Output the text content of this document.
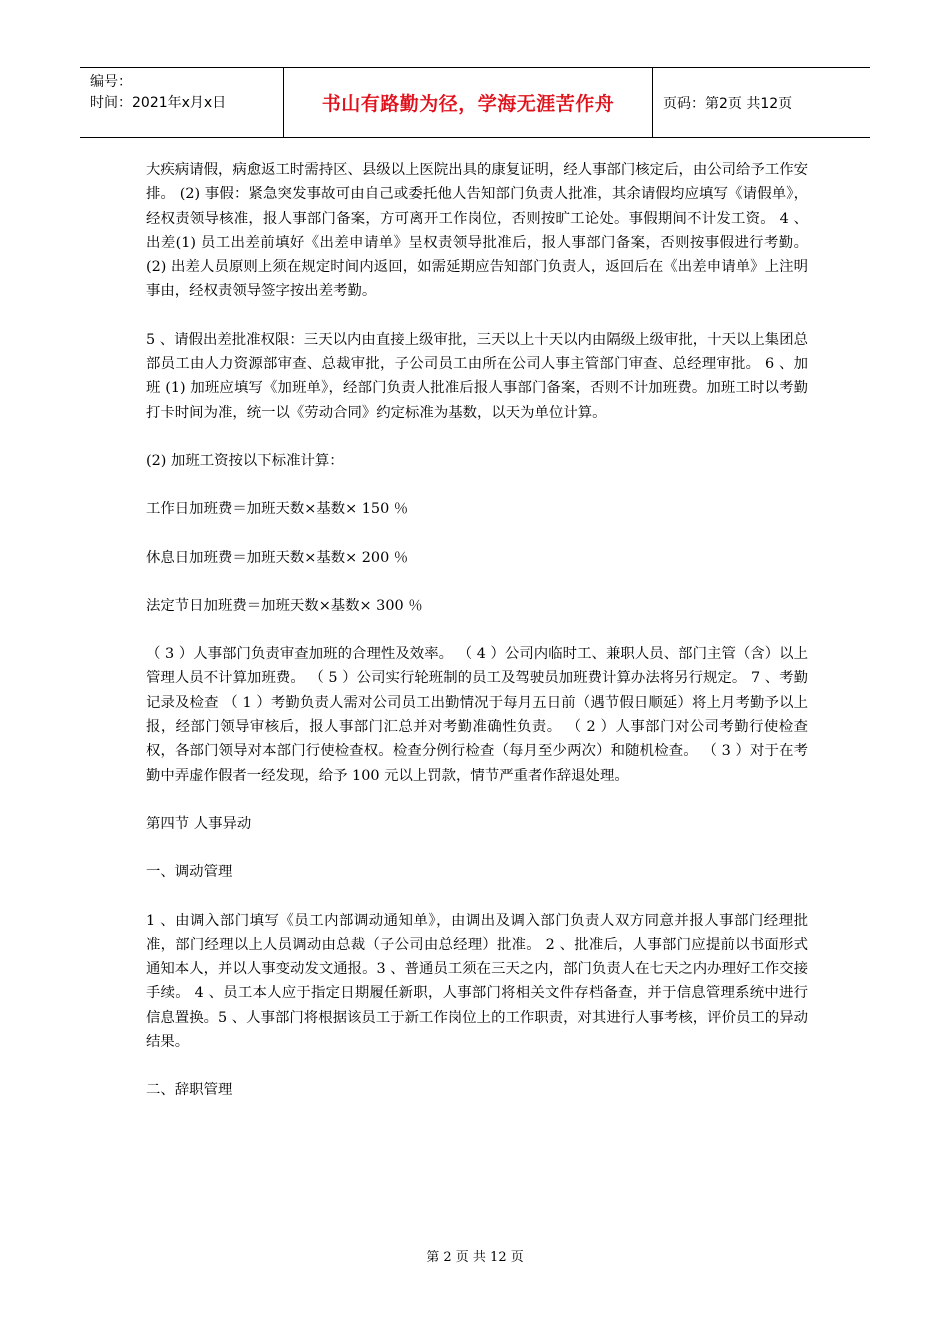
编号：
时间：2021年x月x日	书山有路勤为径，学海无涯苦作舟	页码：第2页 共12页

大疾病请假，病愈返工时需持区、县级以上医院出具的康复证明，经人事部门核定后，由公司给予工作安排。 (2) 事假：紧急突发事故可由自己或委托他人告知部门负责人批准，其余请假均应填写《请假单》，经权责领导核准，报人事部门备案，方可离开工作岗位，否则按旷工论处。事假期间不计发工资。 4 、出差(1) 员工出差前填好《出差申请单》呈权责领导批准后，报人事部门备案，否则按事假进行考勤。 (2) 出差人员原则上须在规定时间内返回，如需延期应告知部门负责人，返回后在《出差申请单》上注明事由，经权责领导签字按出差考勤。

5 、请假出差批准权限：三天以内由直接上级审批，三天以上十天以内由隔级上级审批，十天以上集团总部员工由人力资源部审查、总裁审批，子公司员工由所在公司人事主管部门审查、总经理审批。 6 、加班 (1) 加班应填写《加班单》，经部门负责人批准后报人事部门备案，否则不计加班费。加班工时以考勤打卡时间为准，统一以《劳动合同》约定标准为基数，以天为单位计算。

(2) 加班工资按以下标准计算：

工作日加班费＝加班天数×基数× 150 ％

休息日加班费＝加班天数×基数× 200 ％

法定节日加班费＝加班天数×基数× 300 ％

（ 3 ）人事部门负责审查加班的合理性及效率。 （ 4 ）公司内临时工、兼职人员、部门主管（含）以上管理人员不计算加班费。 （ 5 ）公司实行轮班制的员工及驾驶员加班费计算办法将另行规定。 7 、考勤记录及检查 （ 1 ）考勤负责人需对公司员工出勤情况于每月五日前（遇节假日顺延）将上月考勤予以上报，经部门领导审核后，报人事部门汇总并对考勤准确性负责。 （ 2 ）人事部门对公司考勤行使检查权，各部门领导对本部门行使检查权。检查分例行检查（每月至少两次）和随机检查。 （ 3 ）对于在考勤中弄虚作假者一经发现，给予 100 元以上罚款，情节严重者作辞退处理。

第四节 人事异动

一、调动管理

1 、由调入部门填写《员工内部调动通知单》，由调出及调入部门负责人双方同意并报人事部门经理批准，部门经理以上人员调动由总裁（子公司由总经理）批准。 2 、批准后，人事部门应提前以书面形式通知本人，并以人事变动发文通报。3 、普通员工须在三天之内，部门负责人在七天之内办理好工作交接手续。 4 、员工本人应于指定日期履任新职，人事部门将相关文件存档备查，并于信息管理系统中进行信息置换。5 、人事部门将根据该员工于新工作岗位上的工作职责，对其进行人事考核，评价员工的异动结果。

二、辞职管理

第 2 页 共 12 页
